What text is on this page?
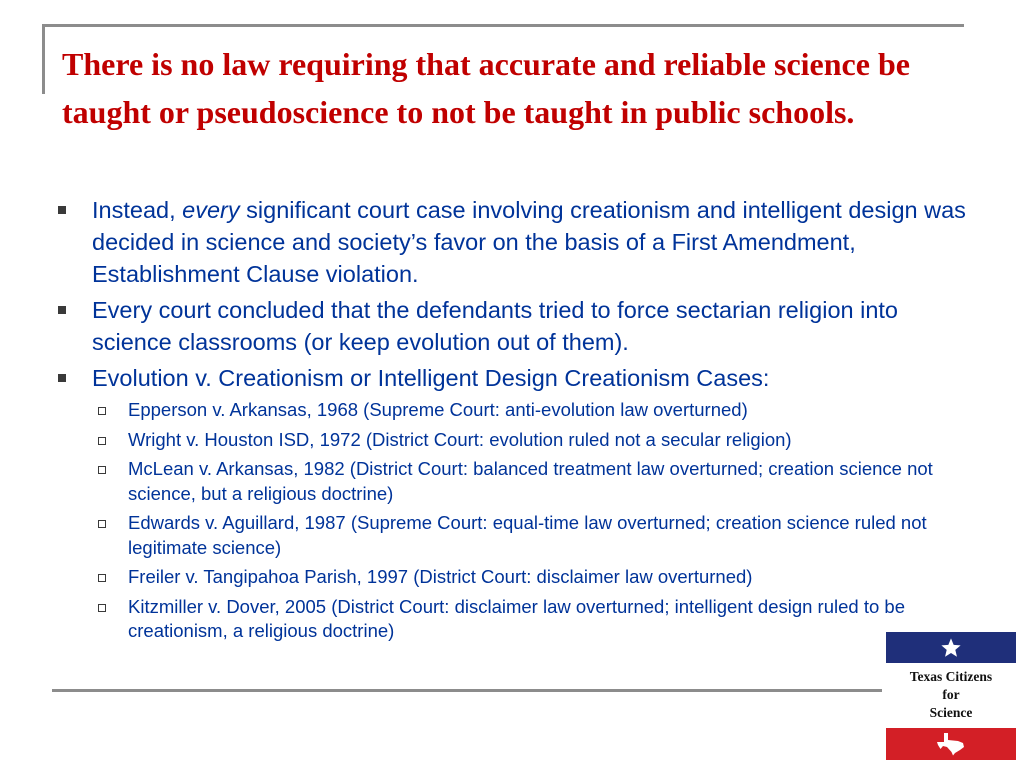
There is no law requiring that accurate and reliable science be taught or pseudoscience to not be taught in public schools.
Instead, every significant court case involving creationism and intelligent design was decided in science and society’s favor on the basis of a First Amendment, Establishment Clause violation.
Every court concluded that the defendants tried to force sectarian religion into science classrooms (or keep evolution out of them).
Evolution v. Creationism or Intelligent Design Creationism Cases:
Epperson v. Arkansas, 1968 (Supreme Court: anti-evolution law overturned)
Wright v. Houston ISD, 1972 (District Court: evolution ruled not a secular religion)
McLean v. Arkansas, 1982 (District Court: balanced treatment law overturned; creation science not science, but a religious doctrine)
Edwards v. Aguillard, 1987 (Supreme Court: equal-time law overturned; creation science ruled not legitimate science)
Freiler v. Tangipahoa Parish, 1997 (District Court: disclaimer law overturned)
Kitzmiller v. Dover, 2005 (District Court: disclaimer law overturned; intelligent design ruled to be creationism, a religious doctrine)
Texas Citizens
for
Science
